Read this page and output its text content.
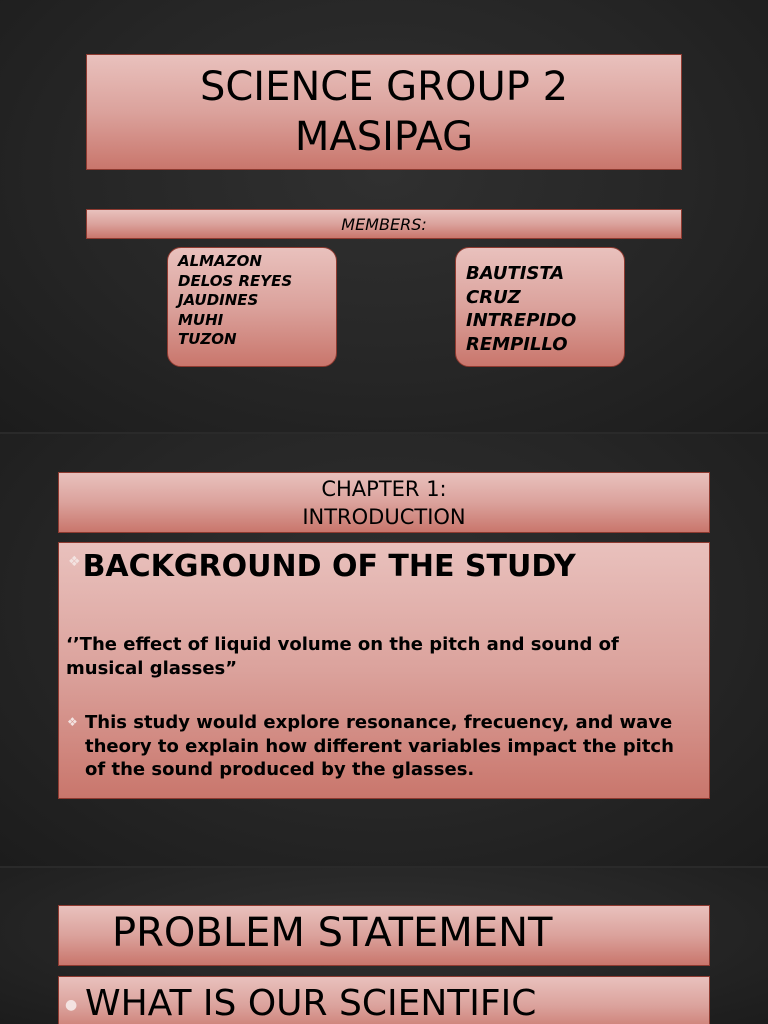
SCIENCE GROUP 2
MASIPAG
MEMBERS:
ALMAZON
DELOS REYES
JAUDINES
MUHI
TUZON
BAUTISTA
CRUZ
INTREPIDO
REMPILLO
CHAPTER 1:
INTRODUCTION
❖BACKGROUND OF THE STUDY
‘’The effect of liquid volume on the pitch and sound of musical glasses”
❖ This study would explore resonance, frecuency, and wave theory to explain how different variables impact the pitch of the sound produced by the glasses.
PROBLEM STATEMENT
● WHAT IS OUR SCIENTIFIC
